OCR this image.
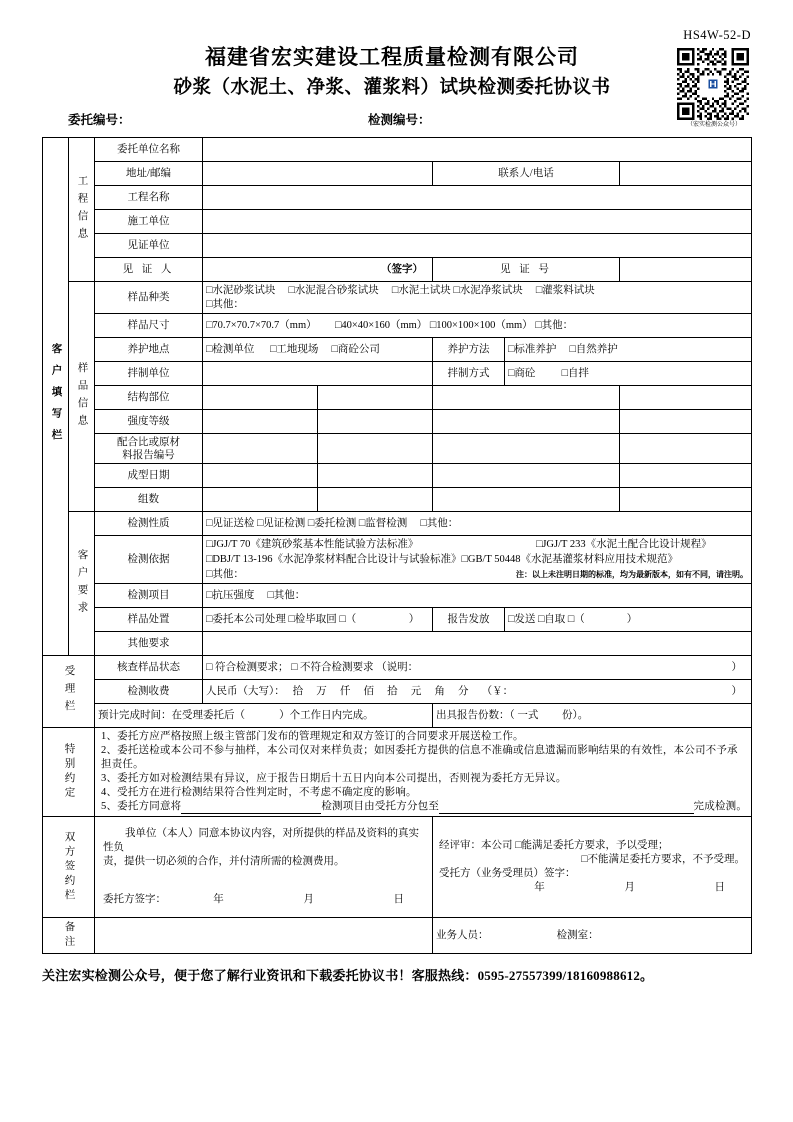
HS4W-52-D
（宏实检测公众号）
福建省宏实建设工程质量检测有限公司
砂浆（水泥土、净浆、灌浆料）试块检测委托协议书
委托编号：	检测编号：
客户填写栏	工程信息	委托单位名称					
		地址/邮编			联系人/电话		
		工程名称					
		施工单位					
		见证单位					
		见 证 人	（签字）		见 证 号		
	样品信息	样品种类	□水泥砂浆试块　 □水泥混合砂浆试块　 □水泥土试块 □水泥净浆试块　 □灌浆料试块
□其他：				

		样品尺寸	□70.7×70.7×70.7（mm）　　 □40×40×160（mm） □100×100×100（mm） □其他：				
		养护地点	□检测单位 　 □工地现场 　□商砼公司		养护方法	□标准养护 　□自然养护	
		拌制单位			拌制方式	□商砼 　　 □自拌	
		结构部位					
		强度等级					

		配合比或原材
料报告编号					

		成型日期					
		组数					

	客户要求	检测性质	□见证送检 □见证检测 □委托检测 □监督检测 　□其他：				
		检测依据	□JGJ/T 70《建筑砂浆基本性能试验方法标准》 □JGJ/T 233《水泥土配合比设计规程》
□DBJ/T 13-196《水泥净浆材料配合比设计与试验标准》□GB/T 50448《水泥基灌浆材料应用技术规范》
□其他： 注：以上未注明日期的标准，均为最新版本，如有不同，请注明。				

		检测项目	□抗压强度 　□其他：				
		样品处置	□委托本公司处理 □检毕取回 □（　　　　　）		报告发放	□发送 □自取 □（　　　　）	
		其他要求					
受理栏		核查样品状态	□ 符合检测要求； □ 不符合检测要求 （说明： ）				

		检测收费	人民币（大写）：　 拾　 万　 仟　 佰　 拾　 元　 角　 分　 （￥： ）				

		预计完成时间：在受理委托后（　　　 ）个工作日内完成。			出具报告份数：（ 一式　　 份）。		
特别约定	

1、委托方应严格按照上级主管部门发布的管理规定和双方签订的合同要求开展送检工作。

2、委托送检或本公司不参与抽样，本公司仅对来样负责；如因委托方提供的信息不准确或信息遗漏而影响结果的有效性，本公司不予承担责任。

3、委托方如对检测结果有异议，应于报告日期后十五日内向本公司提出，否则视为委托方无异议。

4、受托方在进行检测结果符合性判定时，不考虑不确定度的影响。

5、委托方同意将	检测项目由受托方分包至	完成检测。

双方签约栏	我单位（本人）同意本协议内容，对所提供的样品及资料的真实性负
责，提供一切必须的合作，并付清所需的检测费用。
委托方签字：	年　　 月　　 日

经评审：本公司 □能满足委托方要求，予以受理；
□不能满足委托方要求，不予受理。
受托方（业务受理员）签字：
年　　 月　　 日

备注					业务人员： 检测室：		
关注宏实检测公众号，便于您了解行业资讯和下载委托协议书！客服热线：0595-27557399/18160988612。
